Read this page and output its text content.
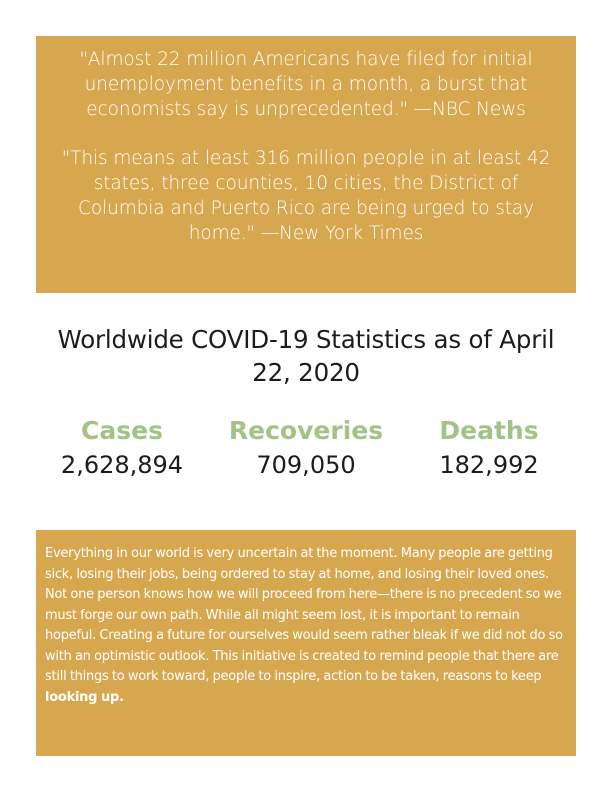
"Almost 22 million Americans have filed for initial unemployment benefits in a month, a burst that economists say is unprecedented." —NBC News

"This means at least 316 million people in at least 42 states, three counties, 10 cities, the District of Columbia and Puerto Rico are being urged to stay home." —New York Times

Worldwide COVID-19 Statistics as of April 22, 2020
Cases
2,628,894
Recoveries
709,050
Deaths
182,992

Everything in our world is very uncertain at the moment. Many people are getting sick, losing their jobs, being ordered to stay at home, and losing their loved ones. Not one person knows how we will proceed from here—there is no precedent so we must forge our own path. While all might seem lost, it is important to remain hopeful. Creating a future for ourselves would seem rather bleak if we did not do so with an optimistic outlook. This initiative is created to remind people that there are still things to work toward, people to inspire, action to be taken, reasons to keep looking up.
